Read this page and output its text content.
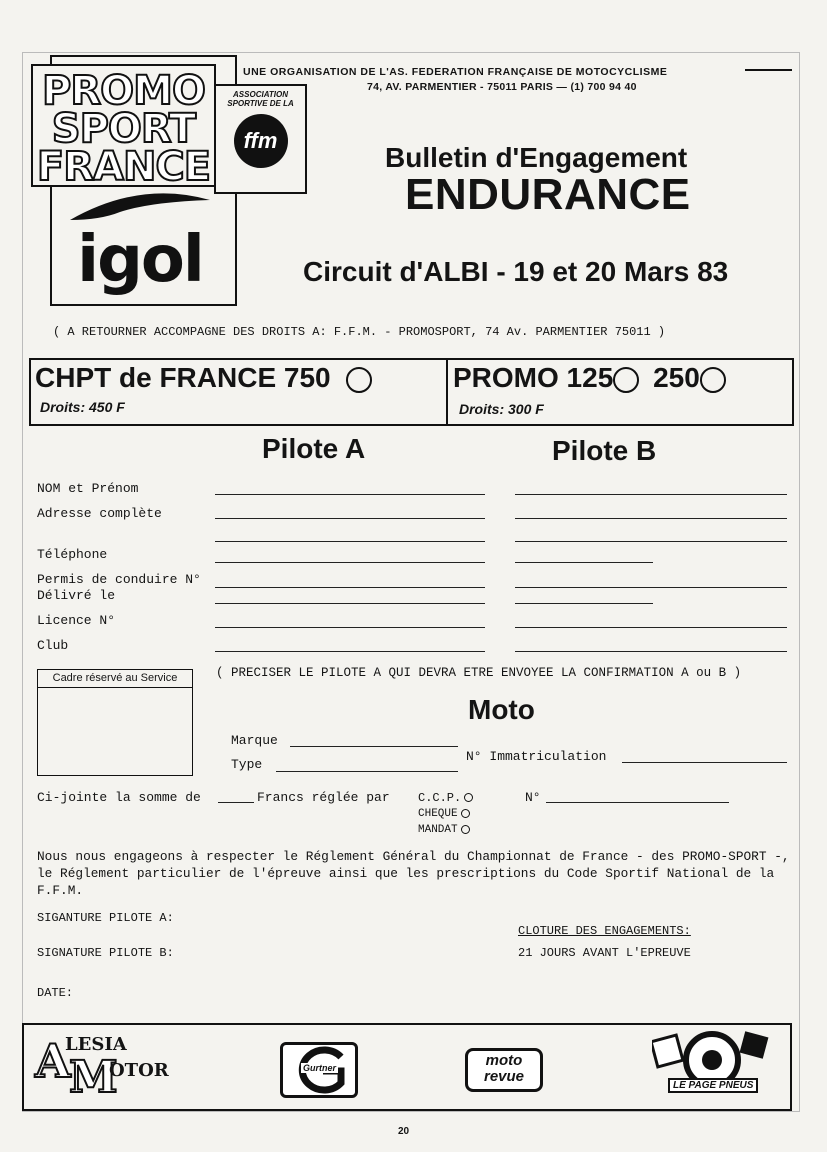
PROMO SPORT FRANCE
ASSOCIATION SPORTIVE DE LA
ffm
igol
UNE ORGANISATION DE L'AS. FEDERATION FRANÇAISE DE MOTOCYCLISME
74, AV. PARMENTIER - 75011 PARIS — (1) 700 94 40
Bulletin d'Engagement
ENDURANCE
Circuit d'ALBI - 19 et 20 Mars 83
( A RETOURNER ACCOMPAGNE DES DROITS A: F.F.M. - PROMOSPORT, 74 Av. PARMENTIER 75011 )
CHPT de FRANCE 750
Droits: 450 F
PROMO 125 250
Droits: 300 F
Pilote A	Pilote B
NOM et Prénom
Adresse complète
Téléphone
Permis de conduire N°
Délivré le
Licence N°
Club
Cadre réservé au Service	( PRECISER LE PILOTE A QUI DEVRA ETRE ENVOYEE LA CONFIRMATION A ou B )
Moto
Marque
Type
N° Immatriculation
Ci-jointe la somme de	Francs réglée par C.C.P.
CHEQUE
MANDAT
N°
Nous nous engageons à respecter le Réglement Général du Championnat de France - des PROMO-SPORT -, le Réglement particulier de l'épreuve ainsi que les prescriptions du Code Sportif National de la F.F.M.
SIGANTURE PILOTE A:
SIGNATURE PILOTE B:
DATE:
CLOTURE DES ENGAGEMENTS:
21 JOURS AVANT L'EPREUVE
A
LESIA
M
OTOR	Gurtner	moto revue
LE PAGE PNEUS
20
